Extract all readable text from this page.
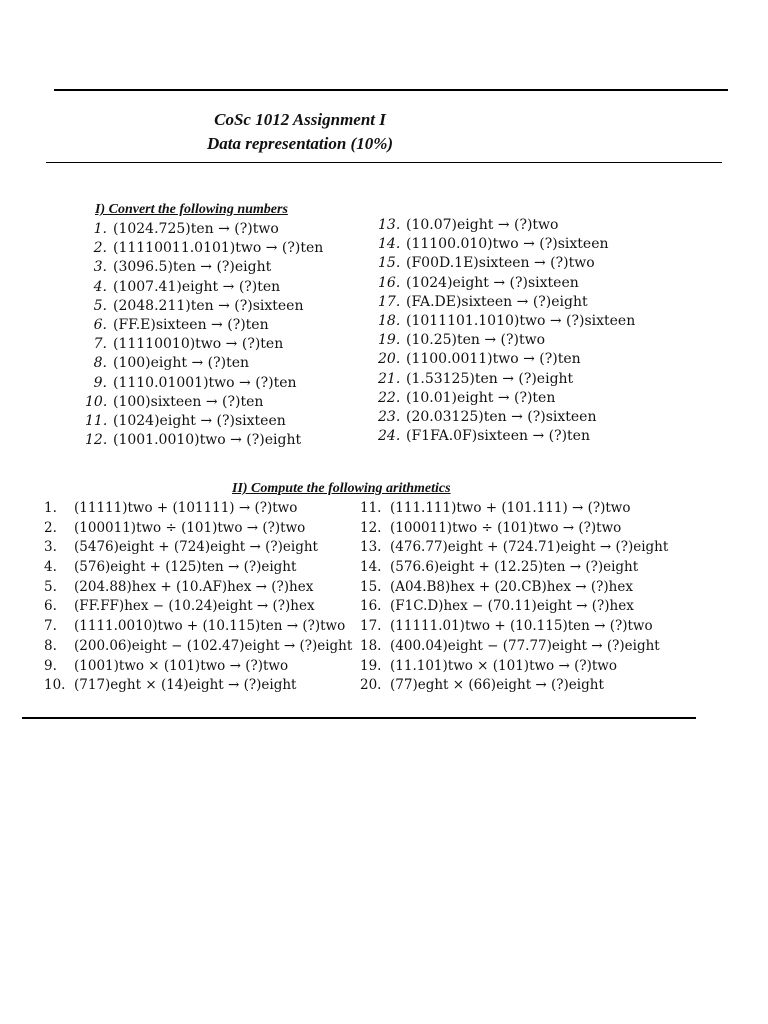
CoSc 1012 Assignment I
Data representation (10%)
I) Convert the following numbers
1. (1024.725)ten → (?)two
2. (11110011.0101)two → (?)ten
3. (3096.5)ten → (?)eight
4. (1007.41)eight → (?)ten
5. (2048.211)ten → (?)sixteen
6. (FF.E)sixteen → (?)ten
7. (11110010)two → (?)ten
8. (100)eight → (?)ten
9. (1110.01001)two → (?)ten
10. (100)sixteen → (?)ten
11. (1024)eight → (?)sixteen
12. (1001.0010)two → (?)eight
13. (10.07)eight → (?)two
14. (11100.010)two → (?)sixteen
15. (F00D.1E)sixteen → (?)two
16. (1024)eight → (?)sixteen
17. (FA.DE)sixteen → (?)eight
18. (1011101.1010)two → (?)sixteen
19. (10.25)ten → (?)two
20. (1100.0011)two → (?)ten
21. (1.53125)ten → (?)eight
22. (10.01)eight → (?)ten
23. (20.03125)ten → (?)sixteen
24. (F1FA.0F)sixteen → (?)ten
II) Compute the following arithmetics
1. (11111)two + (101111) → (?)two
2. (100011)two ÷ (101)two → (?)two
3. (5476)eight + (724)eight → (?)eight
4. (576)eight + (125)ten → (?)eight
5. (204.88)hex + (10.AF)hex → (?)hex
6. (FF.FF)hex − (10.24)eight → (?)hex
7. (1111.0010)two + (10.115)ten → (?)two
8. (200.06)eight − (102.47)eight → (?)eight
9. (1001)two × (101)two → (?)two
10. (717)eght × (14)eight → (?)eight
11. (111.111)two + (101.111) → (?)two
12. (100011)two ÷ (101)two → (?)two
13. (476.77)eight + (724.71)eight → (?)eight
14. (576.6)eight + (12.25)ten → (?)eight
15. (A04.B8)hex + (20.CB)hex → (?)hex
16. (F1C.D)hex − (70.11)eight → (?)hex
17. (11111.01)two + (10.115)ten → (?)two
18. (400.04)eight − (77.77)eight → (?)eight
19. (11.101)two × (101)two → (?)two
20. (77)eght × (66)eight → (?)eight
